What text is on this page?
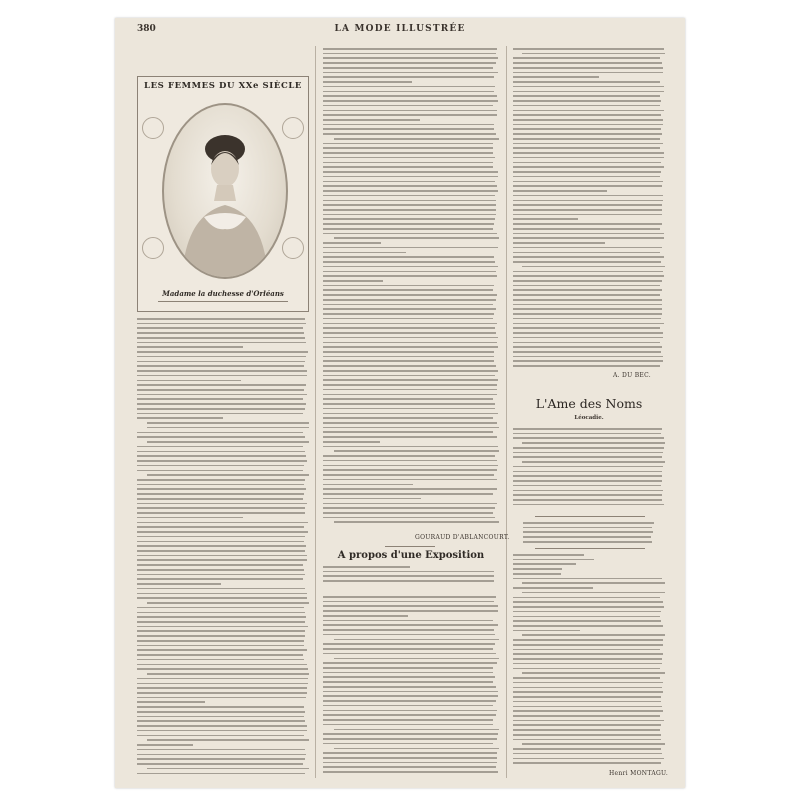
380	LA MODE ILLUSTRÉE
LES FEMMES DU XXe SIÈCLE
Madame la duchesse d'Orléans
GOURAUD D'ABLANCOURT.
A propos d'une Exposition
A. DU BEC.
L'Ame des Noms
Léocadie.
Henri MONTAGU.
